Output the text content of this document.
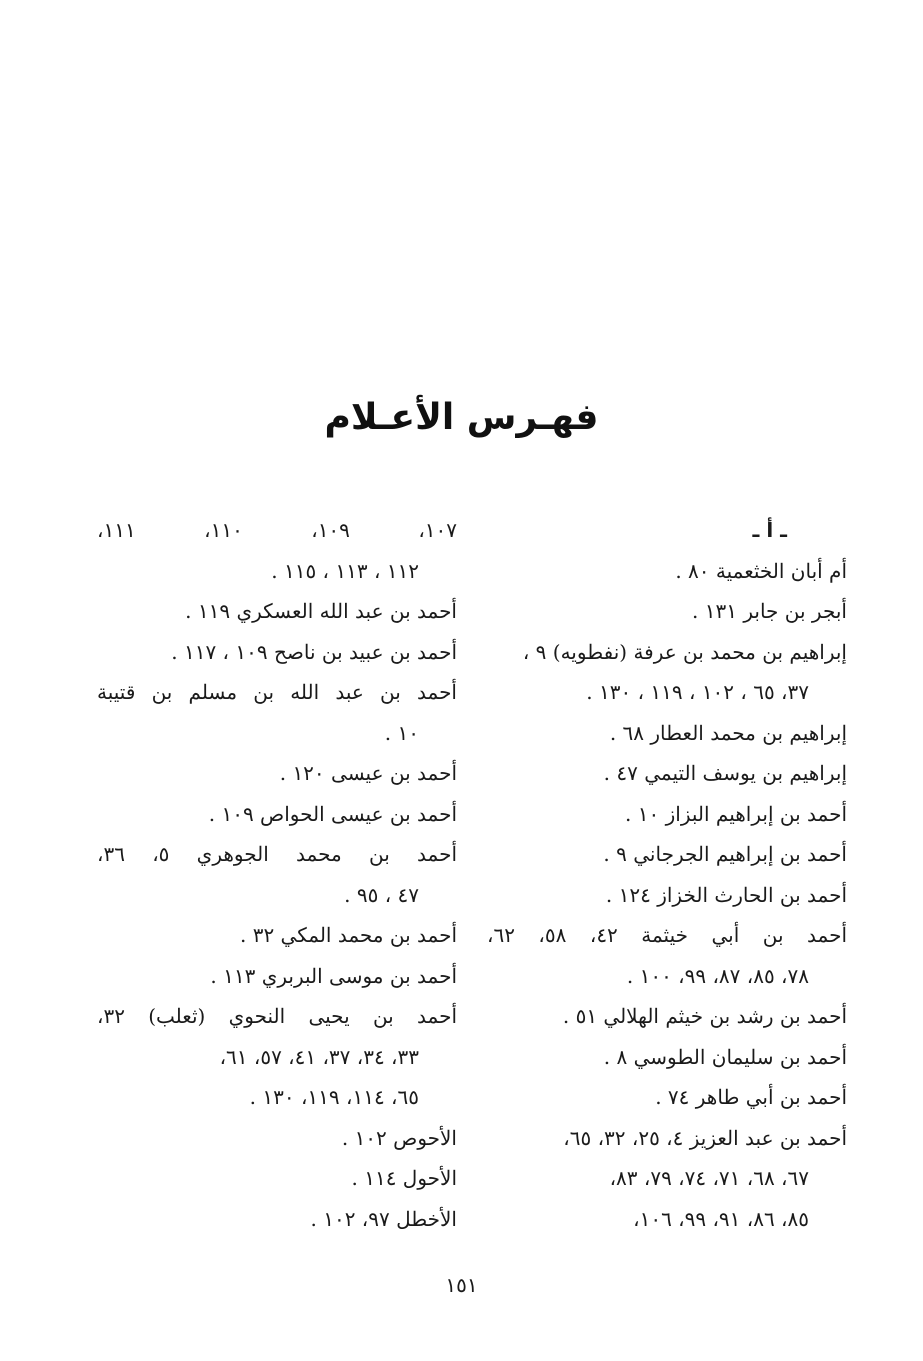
فهـرس الأعـلام
ـ أ ـ
أم أبان الخثعمية ٨٠ .
أبجر بن جابر ١٣١ .
إبراهيم بن محمد بن عرفة (نفطويه) ٩ ،
٣٧، ٦٥ ، ١٠٢ ، ١١٩ ، ١٣٠ .
إبراهيم بن محمد العطار ٦٨ .
إبراهيم بن يوسف التيمي ٤٧ .
أحمد بن إبراهيم البزاز ١٠ .
أحمد بن إبراهيم الجرجاني ٩ .
أحمد بن الحارث الخزاز ١٢٤ .
أحمد بن أبي خيثمة ٤٢، ٥٨، ٦٢،
٧٨، ٨٥، ٨٧، ٩٩، ١٠٠ .
أحمد بن رشد بن خيثم الهلالي ٥١ .
أحمد بن سليمان الطوسي ٨ .
أحمد بن أبي طاهر ٧٤ .
أحمد بن عبد العزيز ٤، ٢٥، ٣٢، ٦٥،
٦٧، ٦٨، ٧١، ٧٤، ٧٩، ٨٣،
٨٥، ٨٦، ٩١، ٩٩، ١٠٦،
١٠٧، ١٠٩، ١١٠، ١١١،
١١٢ ، ١١٣ ، ١١٥ .
أحمد بن عبد الله العسكري ١١٩ .
أحمد بن عبيد بن ناصح ١٠٩ ، ١١٧ .
أحمد بن عبد الله بن مسلم بن قتيبة
١٠ .
أحمد بن عيسى ١٢٠ .
أحمد بن عيسى الحواص ١٠٩ .
أحمد بن محمد الجوهري ٥، ٣٦،
٤٧ ، ٩٥ .
أحمد بن محمد المكي ٣٢ .
أحمد بن موسى البربري ١١٣ .
أحمد بن يحيى النحوي (ثعلب) ٣٢،
٣٣، ٣٤، ٣٧، ٤١، ٥٧، ٦١،
٦٥، ١١٤، ١١٩، ١٣٠ .
الأحوص ١٠٢ .
الأحول ١١٤ .
الأخطل ٩٧، ١٠٢ .
١٥١
